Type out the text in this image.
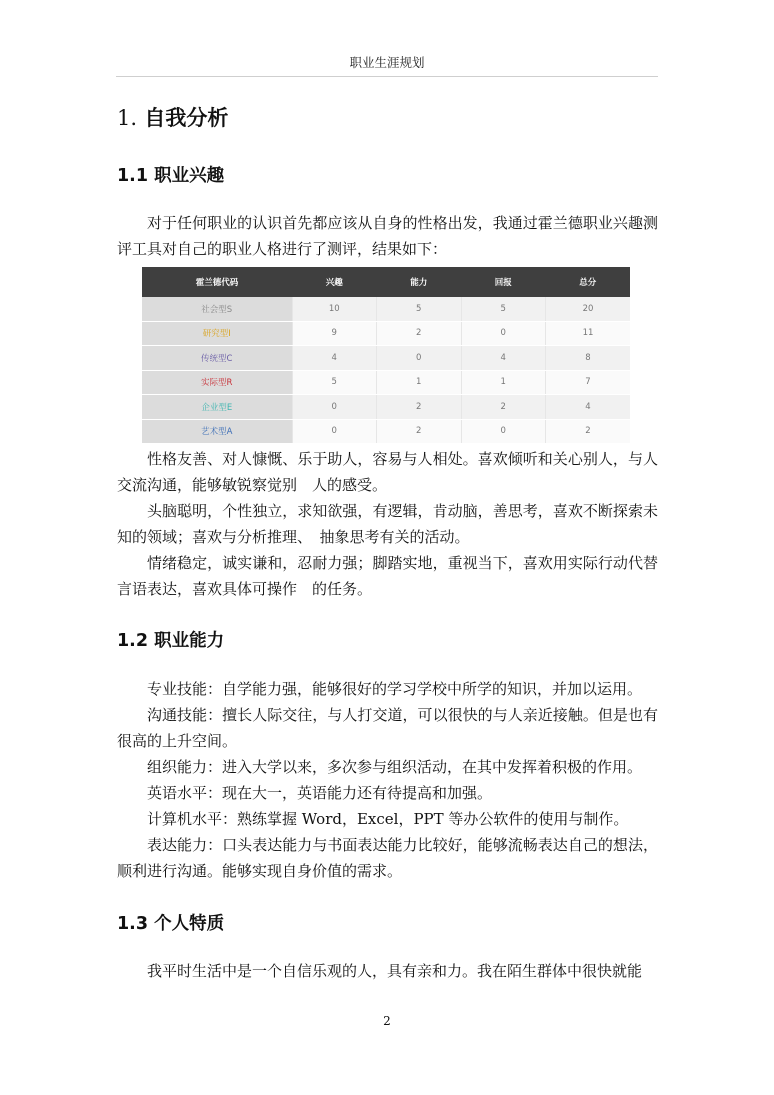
职业生涯规划
1. 自我分析
1.1 职业兴趣

对于任何职业的认识首先都应该从自身的性格出发，我通过霍兰德职业兴趣测评工具对自己的职业人格进行了测评，结果如下：

霍兰德代码	兴趣	能力	回报	总分
社会型S	10	5	5	20
研究型I	9	2	0	11
传统型C	4	0	4	8
实际型R	5	1	1	7
企业型E	0	2	2	4
艺术型A	0	2	0	2

性格友善、对人慷慨、乐于助人，容易与人相处。喜欢倾听和关心别人，与人交流沟通，能够敏锐察觉别　人的感受。

头脑聪明，个性独立，求知欲强，有逻辑，肯动脑，善思考，喜欢不断探索未知的领域；喜欢与分析推理、　抽象思考有关的活动。

情绪稳定，诚实谦和，忍耐力强；脚踏实地，重视当下，喜欢用实际行动代替言语表达，喜欢具体可操作　的任务。

1.2 职业能力

专业技能：自学能力强，能够很好的学习学校中所学的知识，并加以运用。

沟通技能：擅长人际交往，与人打交道，可以很快的与人亲近接触。但是也有很高的上升空间。

组织能力：进入大学以来，多次参与组织活动，在其中发挥着积极的作用。

英语水平：现在大一，英语能力还有待提高和加强。

计算机水平：熟练掌握 Word，Excel，PPT 等办公软件的使用与制作。

表达能力：口头表达能力与书面表达能力比较好，能够流畅表达自己的想法，顺利进行沟通。能够实现自身价值的需求。

1.3 个人特质

我平时生活中是一个自信乐观的人，具有亲和力。我在陌生群体中很快就能

2
